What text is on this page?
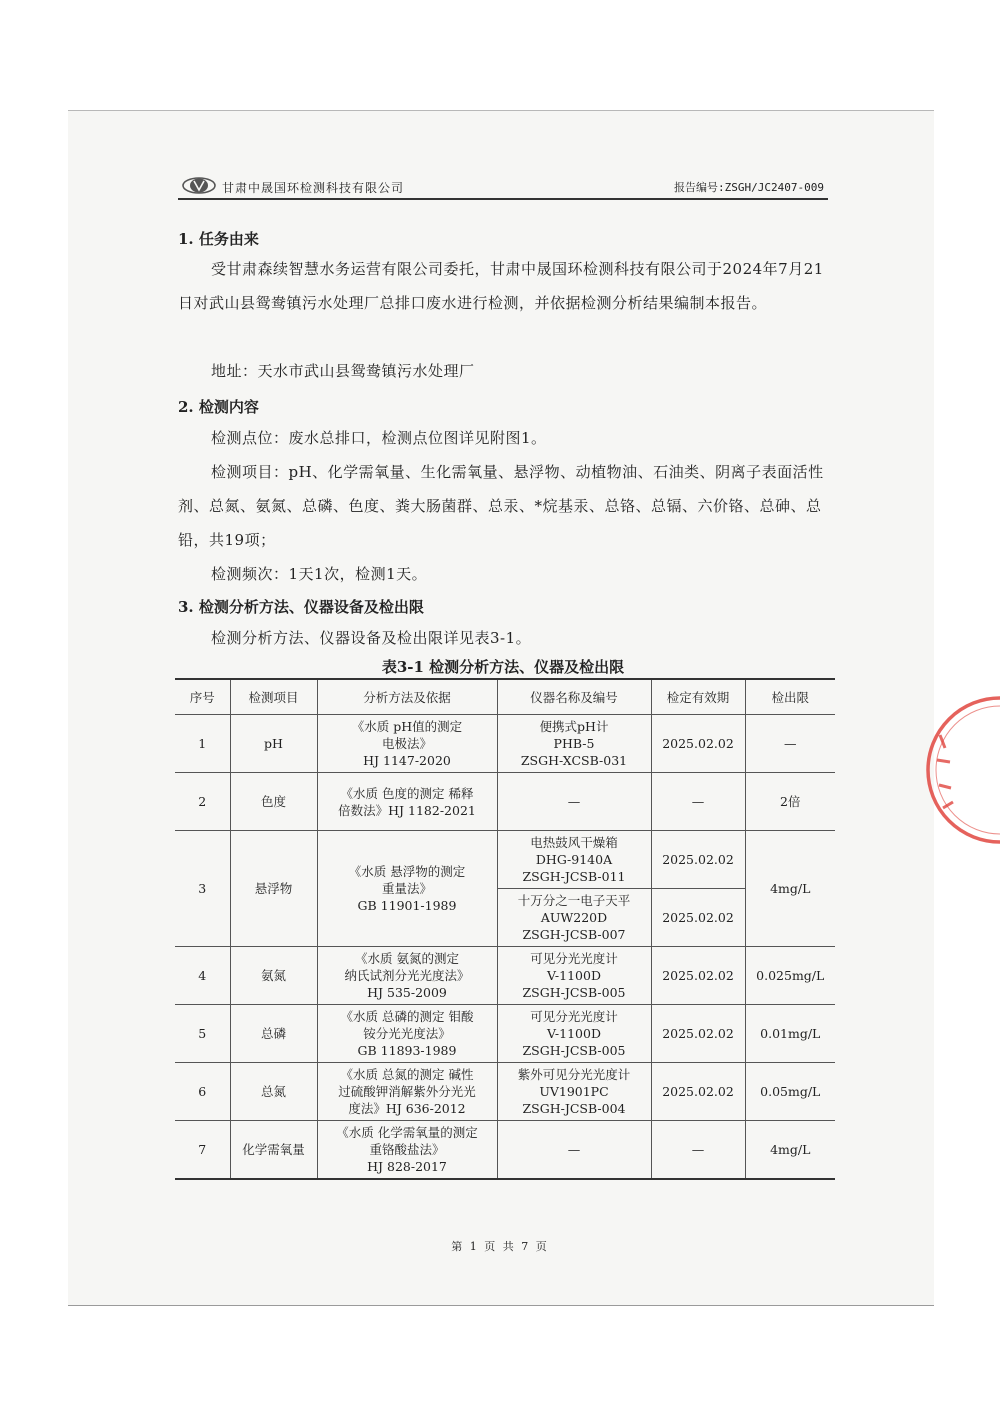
甘肃中晟国环检测科技有限公司	报告编号:ZSGH/JC2407-009
1. 任务由来
受甘肃森续智慧水务运营有限公司委托，甘肃中晟国环检测科技有限公司于2024年7月21日对武山县鸳鸯镇污水处理厂总排口废水进行检测，并依据检测分析结果编制本报告。
地址：天水市武山县鸳鸯镇污水处理厂
2. 检测内容
检测点位：废水总排口，检测点位图详见附图1。
检测项目：pH、化学需氧量、生化需氧量、悬浮物、动植物油、石油类、阴离子表面活性剂、总氮、氨氮、总磷、色度、粪大肠菌群、总汞、*烷基汞、总铬、总镉、六价铬、总砷、总铅，共19项；
检测频次：1天1次，检测1天。
3. 检测分析方法、仪器设备及检出限
检测分析方法、仪器设备及检出限详见表3-1。
表3-1 检测分析方法、仪器及检出限
序号	检测项目	分析方法及依据	仪器名称及编号	检定有效期	检出限
1	pH	《水质 pH值的测定
电极法》
HJ 1147-2020	便携式pH计
PHB-5
ZSGH-XCSB-031	2025.02.02	—
2	色度	《水质 色度的测定 稀释
倍数法》HJ 1182-2021	—	—	2倍
3	悬浮物	《水质 悬浮物的测定
重量法》
GB 11901-1989	电热鼓风干燥箱
DHG-9140A
ZSGH-JCSB-011	2025.02.02	4mg/L
			十万分之一电子天平
AUW220D
ZSGH-JCSB-007	2025.02.02	
4	氨氮	《水质 氨氮的测定
纳氏试剂分光光度法》
HJ 535-2009	可见分光光度计
V-1100D
ZSGH-JCSB-005	2025.02.02	0.025mg/L
5	总磷	《水质 总磷的测定 钼酸
铵分光光度法》
GB 11893-1989	可见分光光度计
V-1100D
ZSGH-JCSB-005	2025.02.02	0.01mg/L
6	总氮	《水质 总氮的测定 碱性
过硫酸钾消解紫外分光光
度法》HJ 636-2012	紫外可见分光光度计
UV1901PC
ZSGH-JCSB-004	2025.02.02	0.05mg/L
7	化学需氧量	《水质 化学需氧量的测定
重铬酸盐法》
HJ 828-2017	—	—	4mg/L
第 1 页 共 7 页
